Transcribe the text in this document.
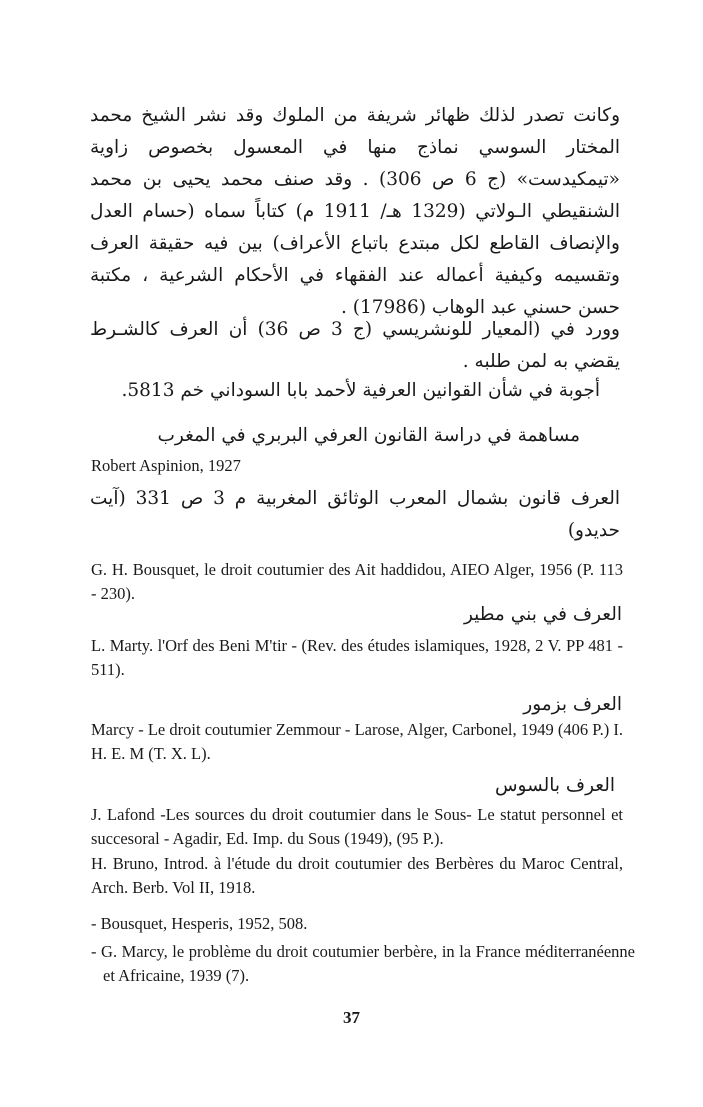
وكانت تصدر لذلك ظهائر شريفة من الملوك وقد نشر الشيخ محمد المختار السوسي نماذج منها في المعسول بخصوص زاوية «تيمكيدست» (ج 6 ص 306) . وقد صنف محمد يحيى بن محمد الشنقيطي الـولاتي (1329 هـ/ 1911 م) كتاباً سماه (حسام العدل والإنصاف القاطع لكل مبتدع باتباع الأعراف) بين فيه حقيقة العرف وتقسيمه وكيفية أعماله عند الفقهاء في الأحكام الشرعية ، مكتبة حسن حسني عبد الوهاب (17986) .

وورد في (المعيار للونشريسي (ج 3 ص 36) أن العرف كالشـرط يقضي به لمن طلبه .

أجوبة في شأن القوانين العرفية لأحمد بابا السوداني خم 5813.

مساهمة في دراسة القانون العرفي البربري في المغرب

Robert Aspinion, 1927

العرف قانون بشمال المعرب الوثائق المغربية م 3 ص 331 (آيت حديدو)

G. H. Bousquet, le droit coutumier des Ait haddidou, AIEO Alger, 1956 (P. 113 - 230).

العرف في بني مطير

L. Marty. l'Orf des Beni M'tir - (Rev. des études islamiques, 1928, 2 V. PP 481 - 511).

العرف بزمور

Marcy - Le droit coutumier Zemmour - Larose, Alger, Carbonel, 1949 (406 P.) I. H. E. M (T. X. L).

العرف بالسوس

J. Lafond -Les sources du droit coutumier dans le Sous- Le statut personnel et succesoral - Agadir, Ed. Imp. du Sous (1949), (95 P.).

H. Bruno, Introd. à l'étude du droit coutumier des Berbères du Maroc Central, Arch. Berb. Vol II, 1918.

- Bousquet, Hesperis, 1952, 508.

- G. Marcy, le problème du droit coutumier berbère, in la France méditerranéenne et Africaine, 1939 (7).

37
